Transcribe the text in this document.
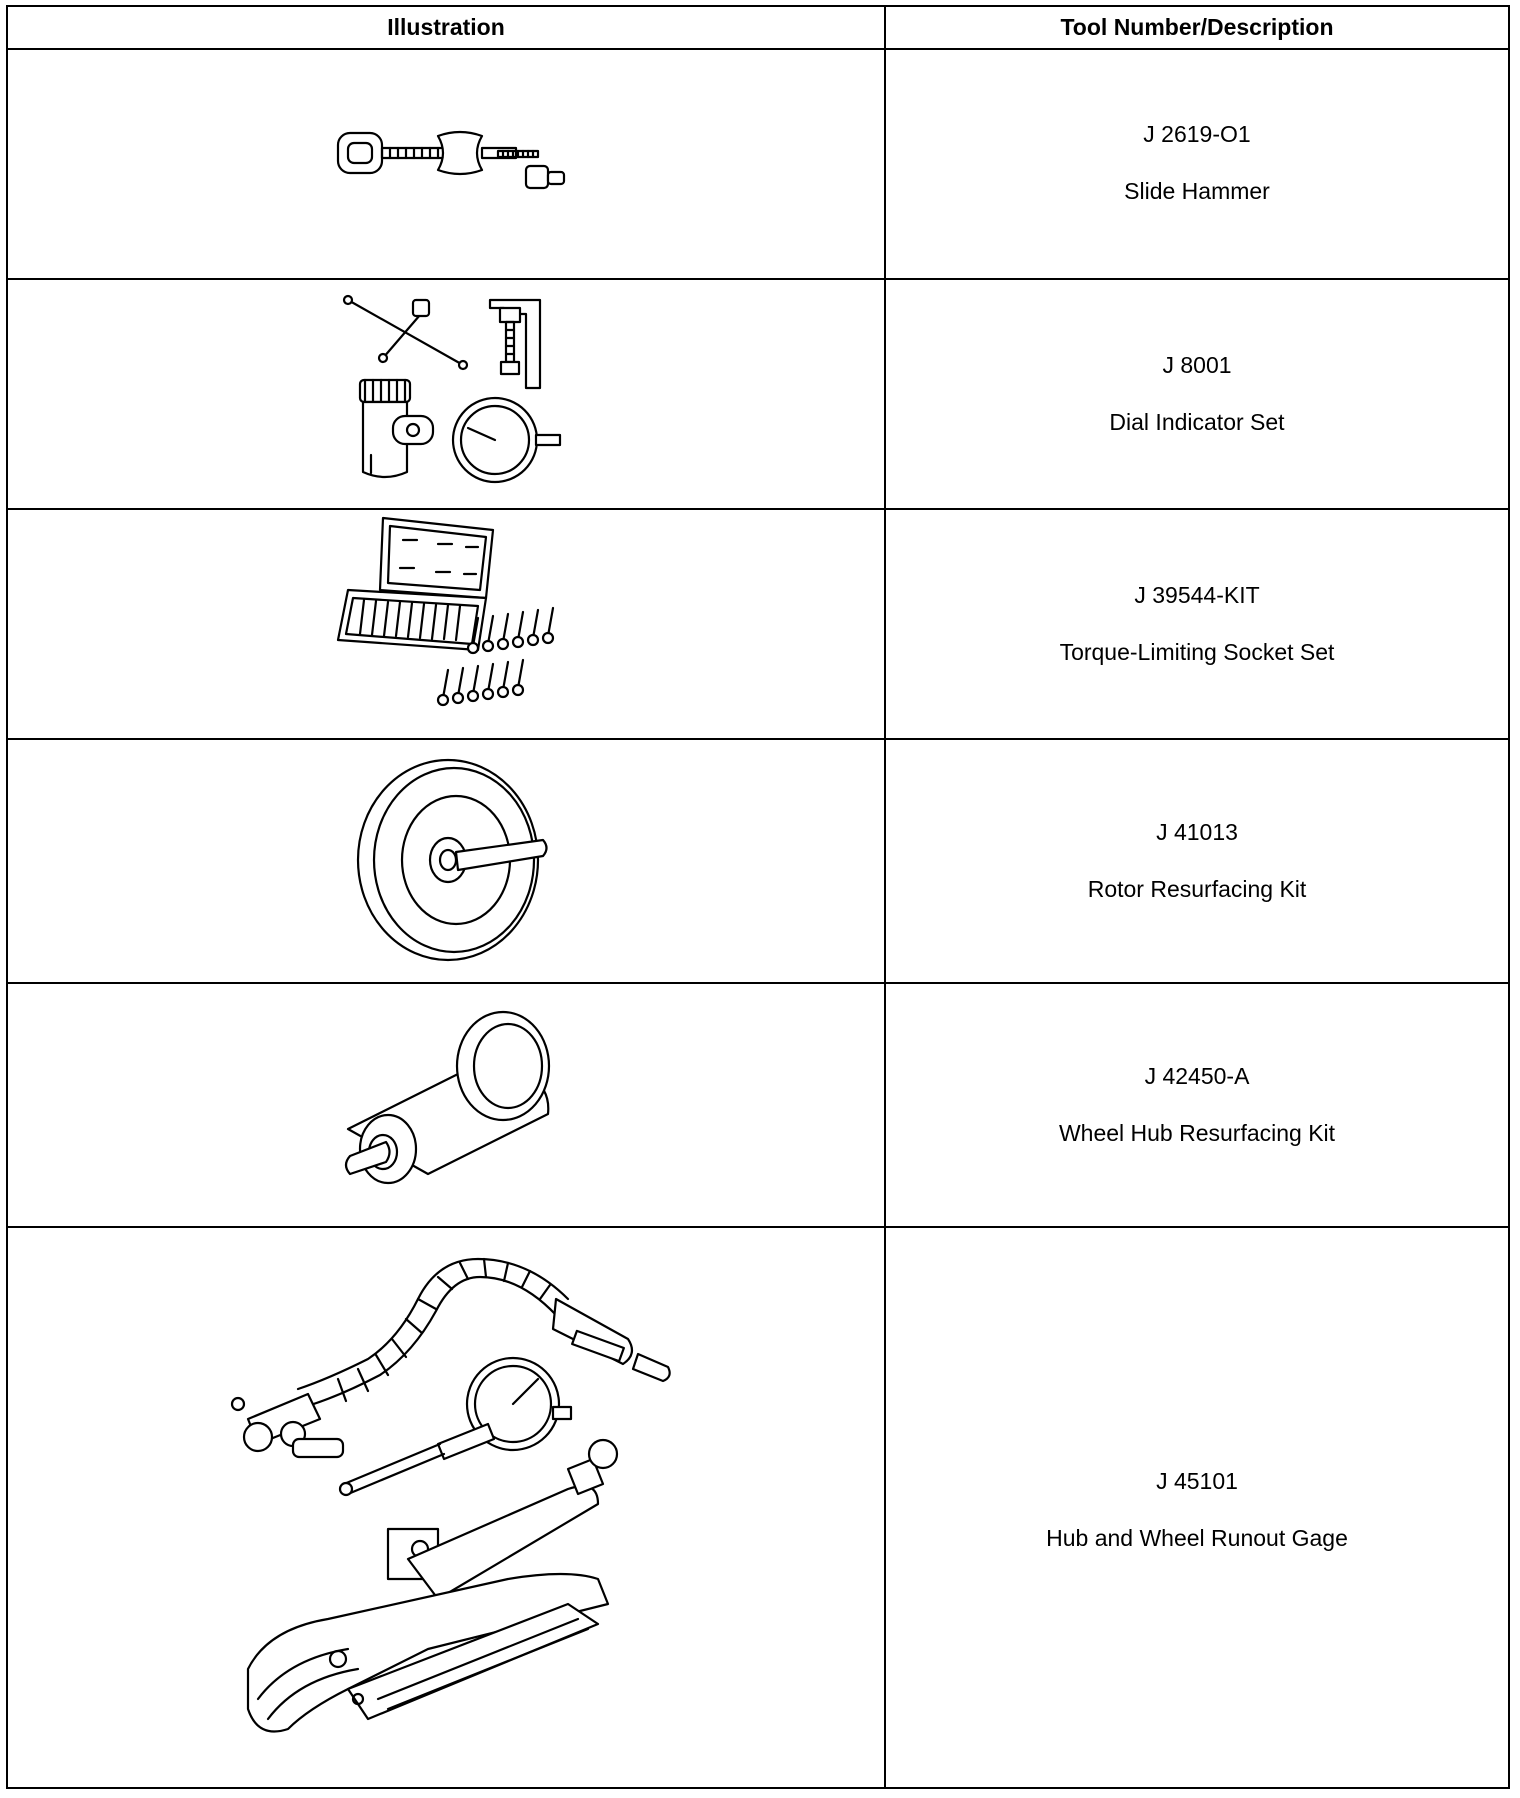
Illustration	Tool Number/Description
J 2619-O1
Slide Hammer
J 8001
Dial Indicator Set
J 39544-KIT
Torque-Limiting Socket Set
J 41013
Rotor Resurfacing Kit
J 42450-A
Wheel Hub Resurfacing Kit
J 45101
Hub and Wheel Runout Gage
